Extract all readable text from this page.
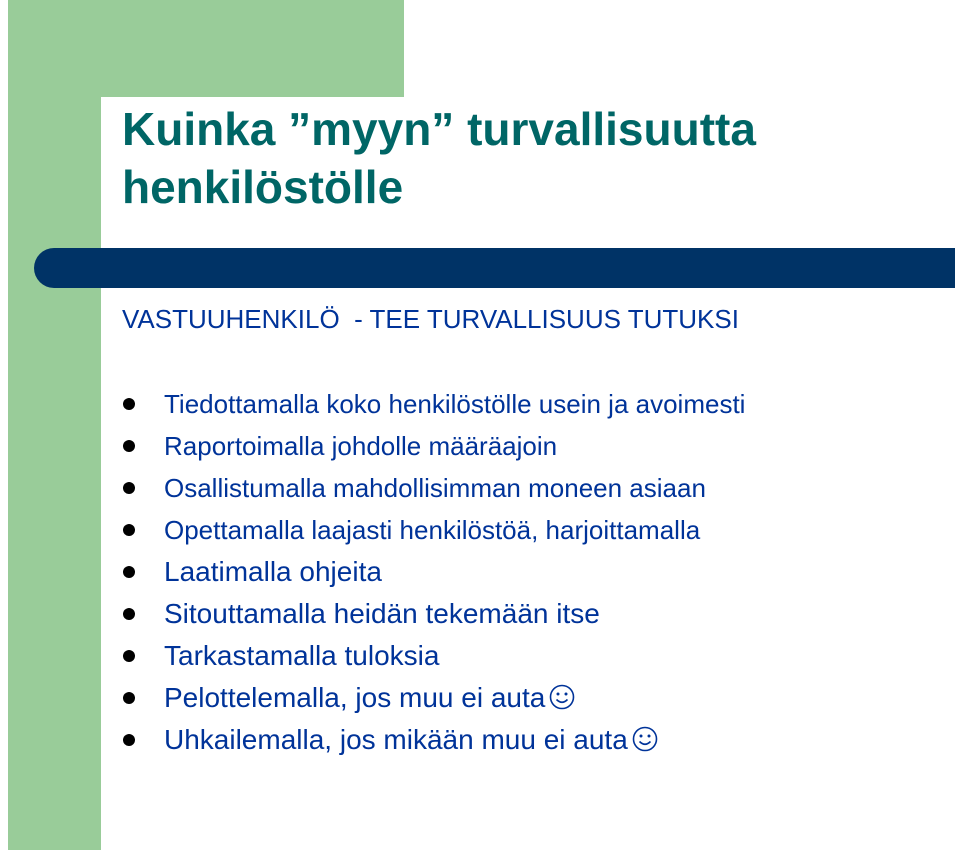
Kuinka ”myyn” turvallisuutta henkilöstölle
VASTUUHENKILÖ  - TEE TURVALLISUUS TUTUKSI
Tiedottamalla koko henkilöstölle usein ja avoimesti
Raportoimalla johdolle määräajoin
Osallistumalla mahdollisimman moneen asiaan
Opettamalla laajasti henkilöstöä, harjoittamalla
Laatimalla ohjeita
Sitouttamalla heidän tekemään itse
Tarkastamalla tuloksia
Pelottelemalla, jos muu ei auta
Uhkailemalla, jos mikään muu ei auta
